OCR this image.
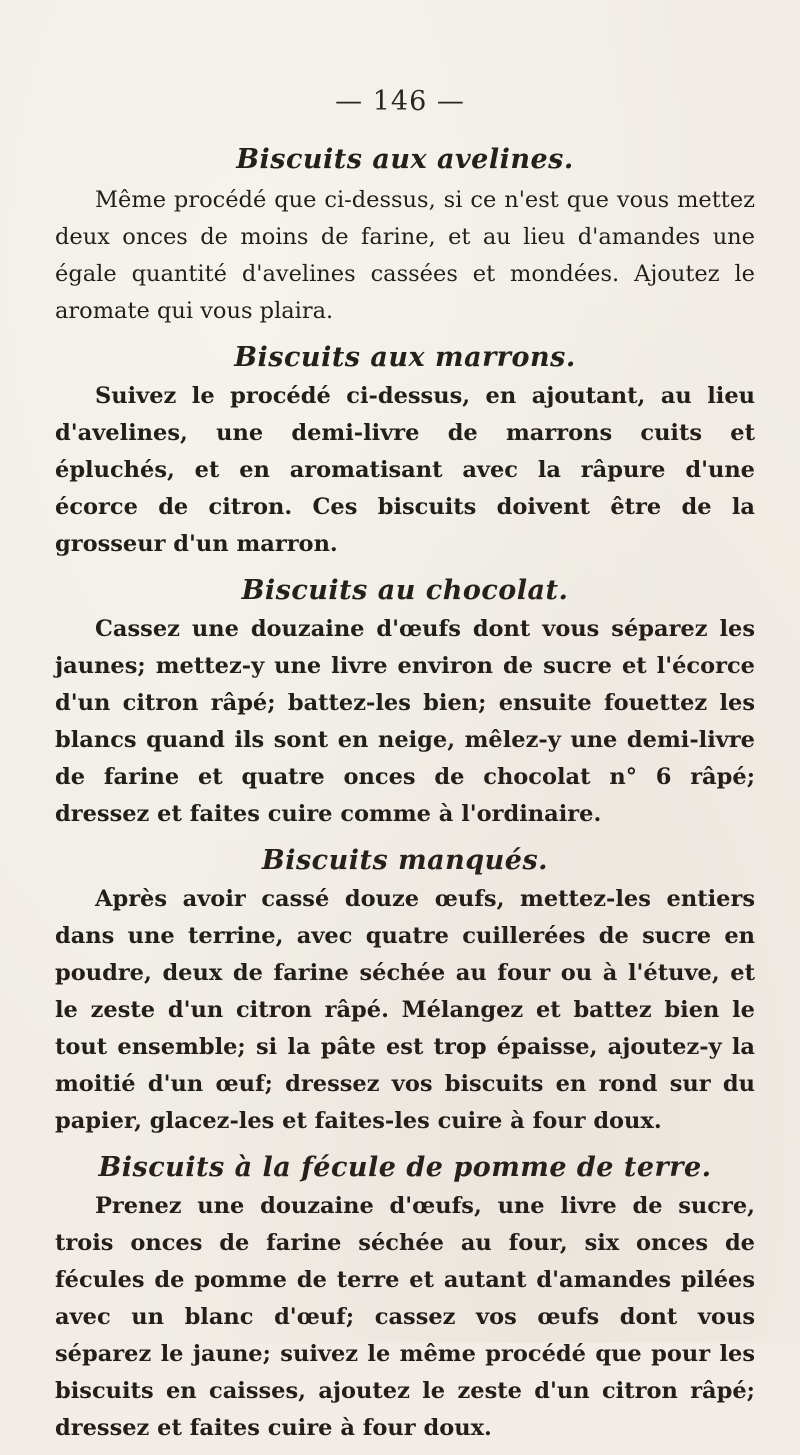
— 146 —
Biscuits aux avelines.

Même procédé que ci-dessus, si ce n'est que vous mettez deux onces de moins de farine, et au lieu d'amandes une égale quantité d'avelines cassées et mondées. Ajoutez le aromate qui vous plaira.

Biscuits aux marrons.

Suivez le procédé ci-dessus, en ajoutant, au lieu d'avelines, une demi-livre de marrons cuits et épluchés, et en aromatisant avec la râpure d'une écorce de citron. Ces biscuits doivent être de la grosseur d'un marron.

Biscuits au chocolat.

Cassez une douzaine d'œufs dont vous séparez les jaunes; mettez-y une livre environ de sucre et l'écorce d'un citron râpé; battez-les bien; ensuite fouettez les blancs quand ils sont en neige, mêlez-y une demi-livre de farine et quatre onces de chocolat n° 6 râpé; dressez et faites cuire comme à l'ordinaire.

Biscuits manqués.

Après avoir cassé douze œufs, mettez-les entiers dans une terrine, avec quatre cuillerées de sucre en poudre, deux de farine séchée au four ou à l'étuve, et le zeste d'un citron râpé. Mélangez et battez bien le tout ensemble; si la pâte est trop épaisse, ajoutez-y la moitié d'un œuf; dressez vos biscuits en rond sur du papier, glacez-les et faites-les cuire à four doux.

Biscuits à la fécule de pomme de terre.

Prenez une douzaine d'œufs, une livre de sucre, trois onces de farine séchée au four, six onces de fécules de pomme de terre et autant d'amandes pilées avec un blanc d'œuf; cassez vos œufs dont vous séparez le jaune; suivez le même procédé que pour les biscuits en caisses, ajoutez le zeste d'un citron râpé; dressez et faites cuire à four doux.
